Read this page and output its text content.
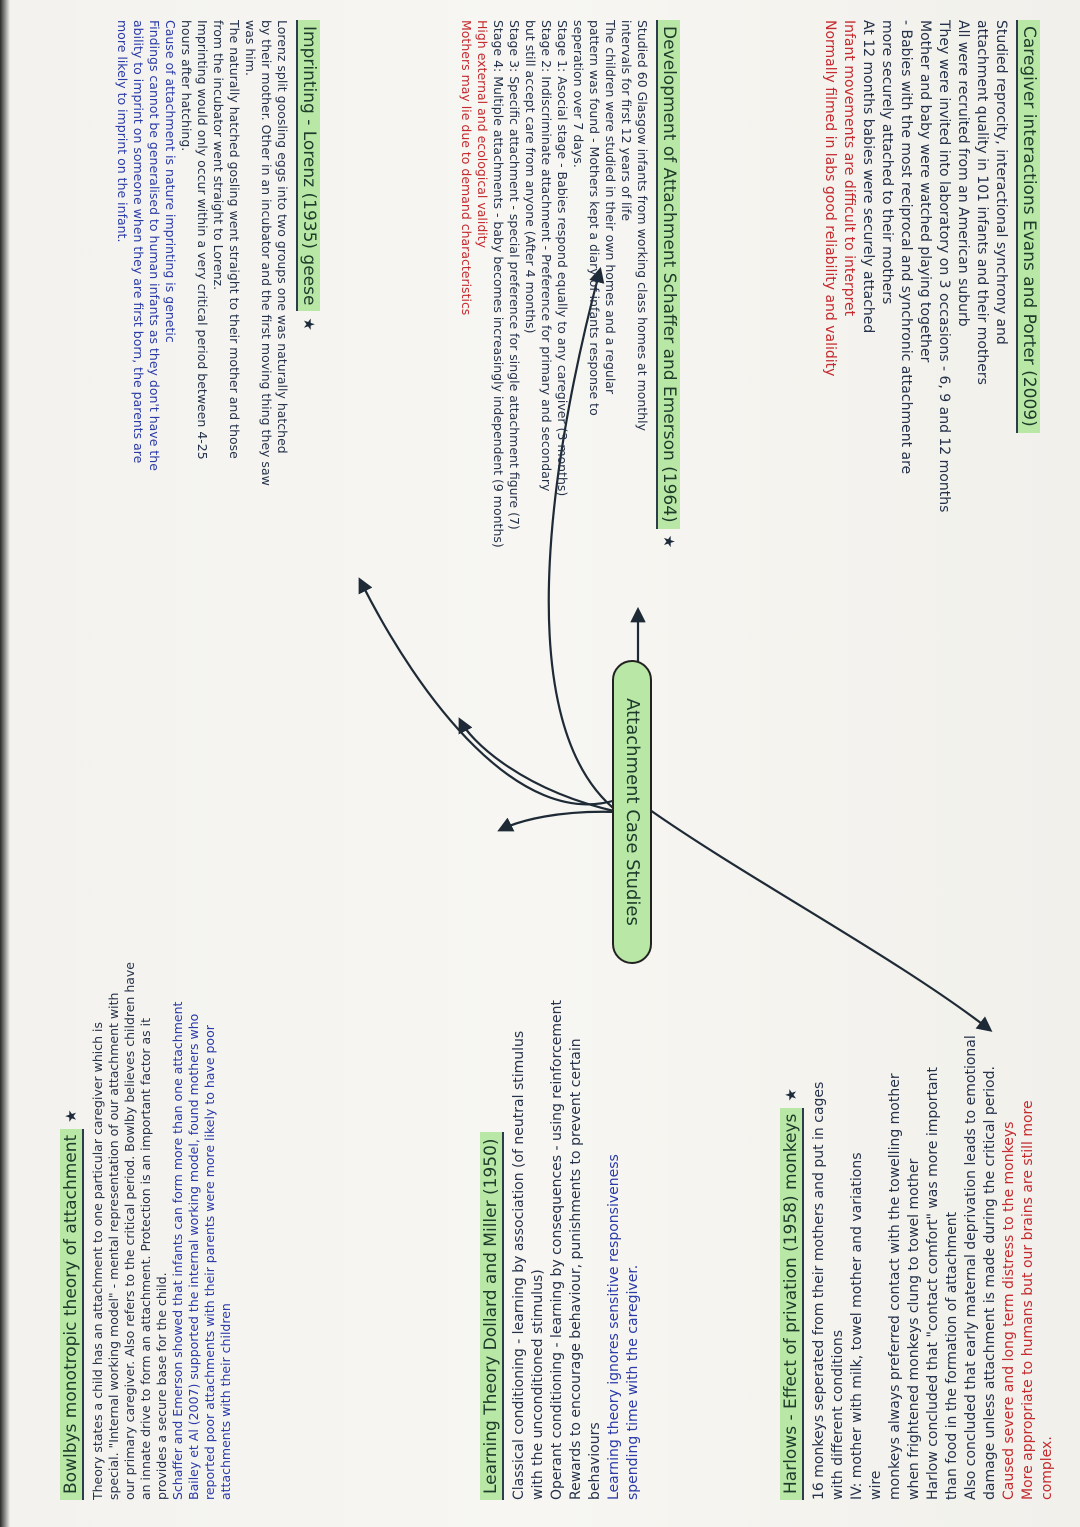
Attachment Case Studies
Harlows - Effect of privation (1958) monkeys★ 16 monkeys seperated from their mothers and put in cages with different conditions IV: mother with milk, towel mother and variations wire monkeys always preferred contact with the towelling mother when frightened monkeys clung to towel mother Harlow concluded that "contact comfort" was more important than food in the formation of attachment Also concluded that early maternal deprivation leads to emotional damage unless attachment is made during the critical period. Caused severe and long term distress to the monkeys More appropriate to humans but our brains are still more complex.
Learning Theory Dollard and Miller (1950) Classical conditioning - learning by association (of neutral stimulus with the unconditioned stimulus) Operant conditioning - learning by consequences - using reinforcement Rewards to encourage behaviour, punishments to prevent certain behaviours Learning theory ignores sensitive responsiveness spending time with the caregiver.
Bowlbys monotropic theory of attachment★ Theory states a child has an attachment to one particular caregiver which is special. "Internal working model" - mental representation of our attachment with our primary caregiver. Also refers to the critical period. Bowlby believes children have an innate drive to form an attachment. Protection is an important factor as it provides a secure base for the child. Schaffer and Emerson showed that infants can form more than one attachment Bailey et Al (2007) supported the internal working model, found mothers who reported poor attachments with their parents were more likely to have poor attachments with their children
Caregiver interactions Evans and Porter (2009)
Studied reprocity, interactional synchrony and
attachment quality in 101 infants and their mothers
All were recruited from an American suburb
They were invited into laboratory on 3 occasions - 6, 9 and 12 months
Mother and baby were watched playing together
- Babies with the most reciprocal and synchronic attachment are
more securely attached to their mothers
At 12 months babies were securely attached
Infant movements are difficult to interpret
Normally filmed in labs good reliability and validity
Development of Attachment Schaffer and Emerson (1964)★
Studied 60 Glasgow infants from working class homes at monthly
intervals for first 12 years of life
The children were studied in their own homes and a regular
pattern was found - Mothers kept a diary of infants response to
seperation over 7 days.
Stage 1: Asocial stage - Babies respond equally to any caregiver (3 months)
Stage 2: Indiscriminate attachment - Preference for primary and secondary
but still accept care from anyone (After 4 months)
Stage 3: Specific attachment - special preference for single attachment figure (7)
Stage 4: Multiple attachments - baby becomes increasingly independent (9 months)
High external and ecological validity
Mothers may lie due to demand characteristics
Imprinting - Lorenz (1935) geese★
Lorenz split goosling eggs into two groups one was naturally hatched
by their mother. Other in an incubator and the first moving thing they saw
was him.
The naturally hatched gosling went straight to their mother and those
from the incubator went straight to Lorenz.
Imprinting would only occur within a very critical period between 4-25
hours after hatching.
Cause of attachment is nature imprinting is genetic
Findings cannot be generalised to human infants as they don't have the
ability to imprint on someone when they are first born, the parents are
more likely to imprint on the infant.
